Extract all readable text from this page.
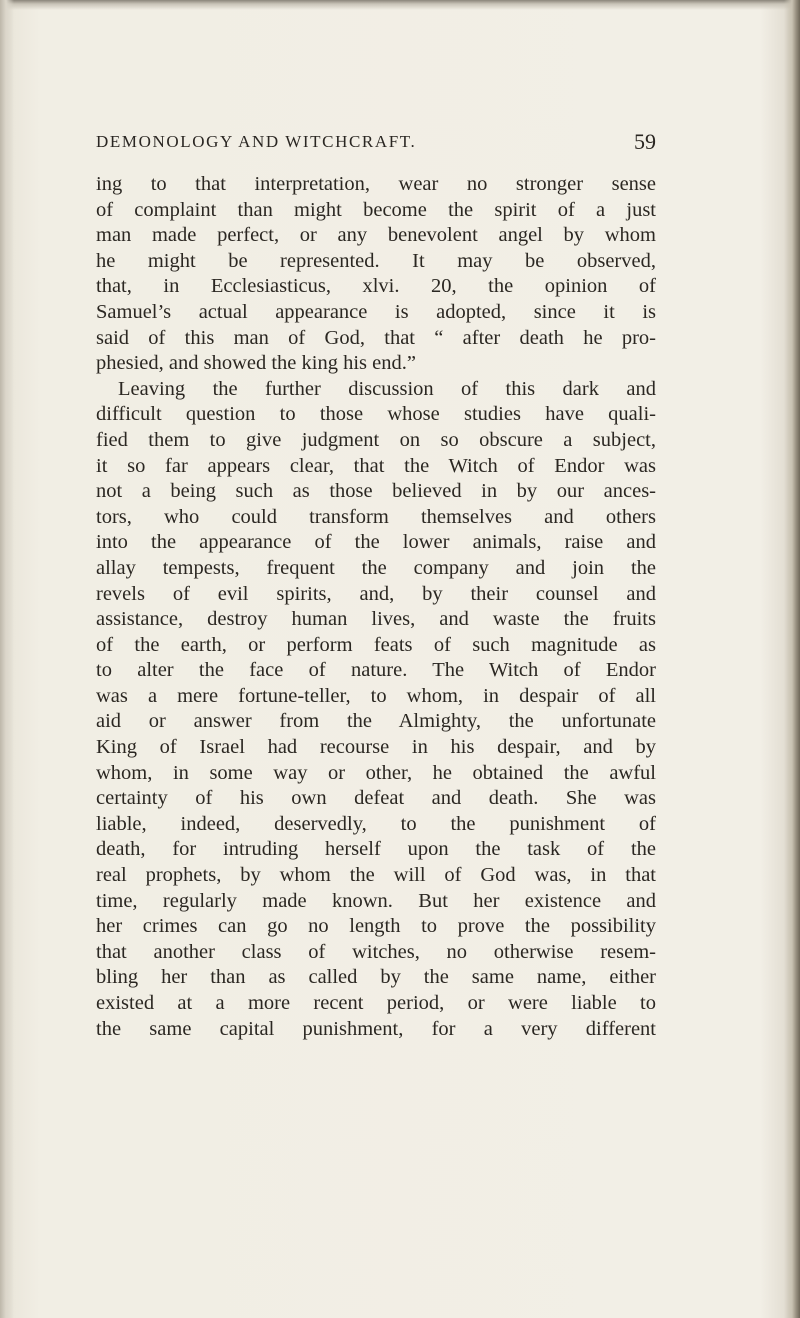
DEMONOLOGY AND WITCHCRAFT.	59
ing to that interpretation, wear no stronger sense
of complaint than might become the spirit of a just
man made perfect, or any benevolent angel by whom
he might be represented. It may be observed,
that, in Ecclesiasticus, xlvi. 20, the opinion of
Samuel’s actual appearance is adopted, since it is
said of this man of God, that “ after death he pro-
phesied, and showed the king his end.”
Leaving the further discussion of this dark and
difficult question to those whose studies have quali-
fied them to give judgment on so obscure a subject,
it so far appears clear, that the Witch of Endor was
not a being such as those believed in by our ances-
tors, who could transform themselves and others
into the appearance of the lower animals, raise and
allay tempests, frequent the company and join the
revels of evil spirits, and, by their counsel and
assistance, destroy human lives, and waste the fruits
of the earth, or perform feats of such magnitude as
to alter the face of nature. The Witch of Endor
was a mere fortune-teller, to whom, in despair of all
aid or answer from the Almighty, the unfortunate
King of Israel had recourse in his despair, and by
whom, in some way or other, he obtained the awful
certainty of his own defeat and death. She was
liable, indeed, deservedly, to the punishment of
death, for intruding herself upon the task of the
real prophets, by whom the will of God was, in that
time, regularly made known. But her existence and
her crimes can go no length to prove the possibility
that another class of witches, no otherwise resem-
bling her than as called by the same name, either
existed at a more recent period, or were liable to
the same capital punishment, for a very different
